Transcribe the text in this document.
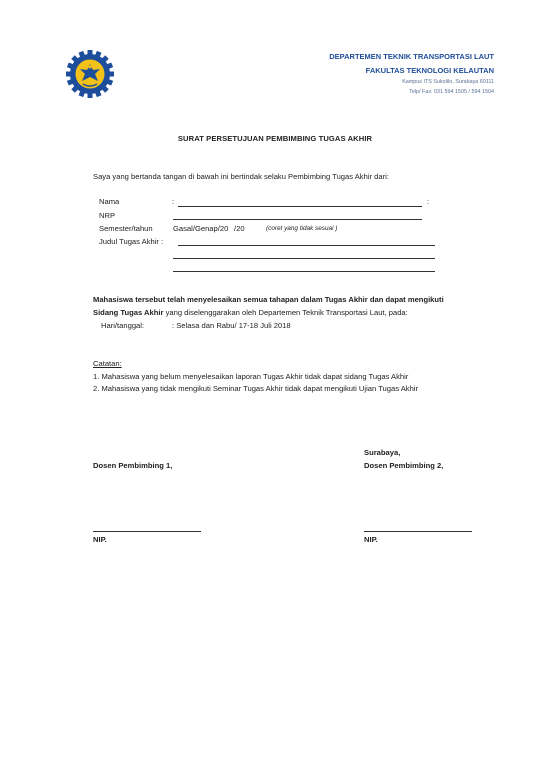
DEPARTEMEN TEKNIK TRANSPORTASI LAUT
FAKULTAS TEKNOLOGI KELAUTAN
Kampus ITS Sukolilo, Surabaya 60111
Telp/ Fax. 031 594 1505 / 594 1504
SURAT PERSETUJUAN PEMBIMBING TUGAS AKHIR
Saya yang bertanda tangan di bawah ini bertindak selaku Pembimbing Tugas Akhir dari:
Nama	:	:
NRP
Semester/tahun	Gasal/Genap/20 /20	(coret yang tidak sesuai )
Judul Tugas Akhir :
Mahasiswa tersebut telah menyelesaikan semua tahapan dalam Tugas Akhir dan dapat mengikuti
Sidang Tugas Akhir yang diselenggarakan oleh Departemen Teknik Transportasi Laut, pada:
Hari/tanggal:	: Selasa dan Rabu/ 17-18 Juli 2018
Catatan:
1. Mahasiswa yang belum menyelesaikan laporan Tugas Akhir tidak dapat sidang Tugas Akhir
2. Mahasiswa yang tidak mengikuti Seminar Tugas Akhir tidak dapat mengikuti Ujian Tugas Akhir
Surabaya,
Dosen Pembimbing 1,	Dosen Pembimbing 2,
NIP.	NIP.
